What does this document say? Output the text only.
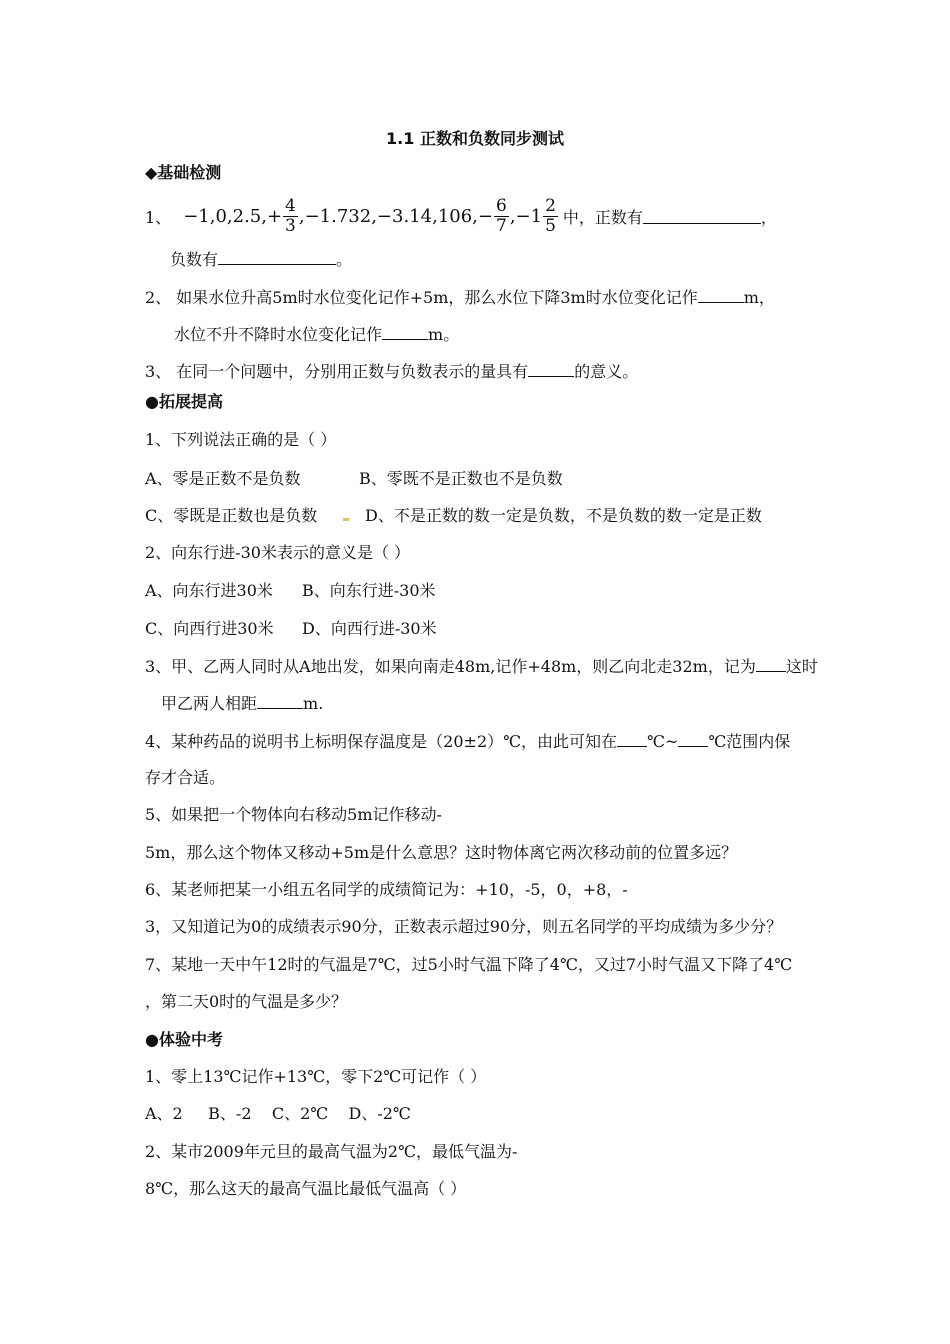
1.1 正数和负数同步测试
◆基础检测
1、 $-1,0,2.5,+ \frac{4}{3} ,-1.732,-3.14,106,- \frac{6}{7} ,-1 \frac{2}{5}$ 中，正数有	，
负数有	。
2、 如果水位升高5m时水位变化记作+5m，那么水位下降3m时水位变化记作	m，
水位不升不降时水位变化记作	m。
3、 在同一个问题中，分别用正数与负数表示的量具有	的意义。
●拓展提高
1、下列说法正确的是（ ）
A、零是正数不是负数	B、零既不是正数也不是负数
C、零既是正数也是负数	D、不是正数的数一定是负数，不是负数的数一定是正数
2、向东行进-30米表示的意义是（ ）
A、向东行进30米 B、向东行进-30米
C、向西行进30米 D、向西行进-30米
3、甲、乙两人同时从A地出发，如果向南走48m,记作+48m，则乙向北走32m，记为 这时
甲乙两人相距	m.
4、某种药品的说明书上标明保存温度是（20±2）℃，由此可知在 ℃~ ℃范围内保
存才合适。
5、如果把一个物体向右移动5m记作移动-
5m，那么这个物体又移动+5m是什么意思？这时物体离它两次移动前的位置多远？
6、某老师把某一小组五名同学的成绩简记为：+10，-5，0，+8，-
3，又知道记为0的成绩表示90分，正数表示超过90分，则五名同学的平均成绩为多少分？
7、某地一天中午12时的气温是7℃，过5小时气温下降了4℃，又过7小时气温又下降了4℃
，第二天0时的气温是多少？
●体验中考
1、零上13℃记作+13℃，零下2℃可记作（ ）
A、2     B、-2    C、2℃    D、-2℃
2、某市2009年元旦的最高气温为2℃，最低气温为-
8℃，那么这天的最高气温比最低气温高（ ）
